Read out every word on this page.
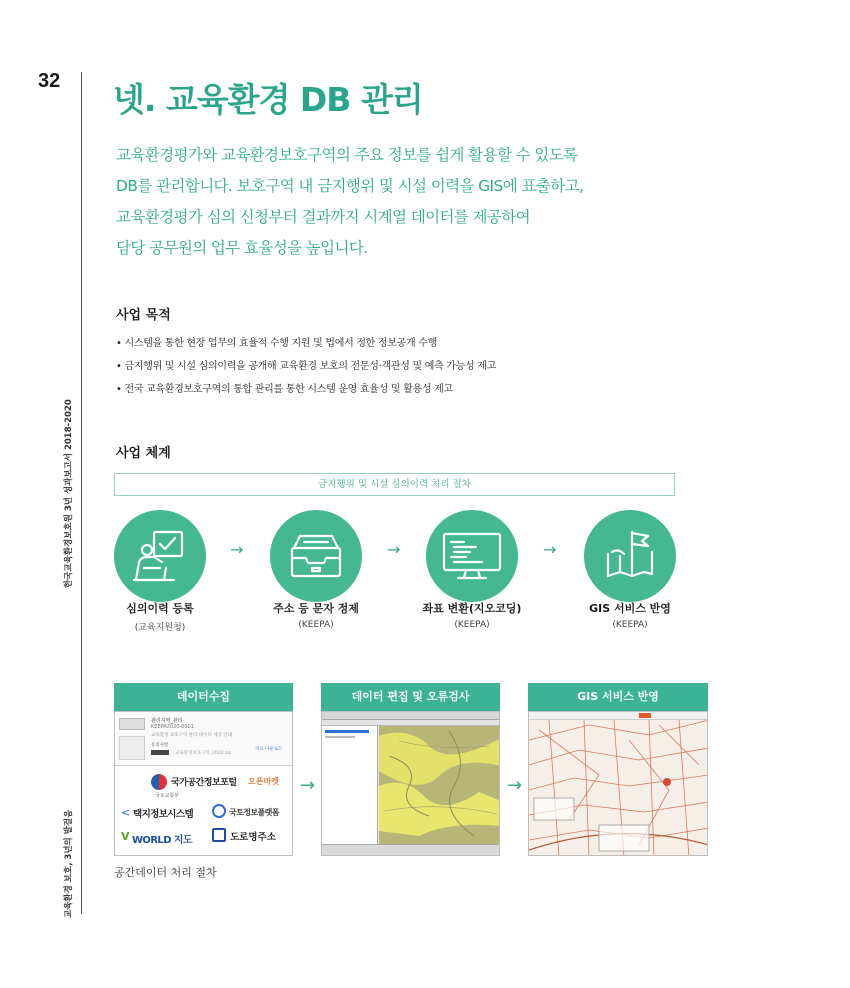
32
한국교육환경보호원 3년 성과보고서 2018-2020
교육환경 보호, 3년의 발걸음
넷. 교육환경 DB 관리
교육환경평가와 교육환경보호구역의 주요 정보를 쉽게 활용할 수 있도록
DB를 관리합니다. 보호구역 내 금지행위 및 시설 이력을 GIS에 표출하고,
교육환경평가 심의 신청부터 결과까지 시계열 데이터를 제공하여
담당 공무원의 업무 효율성을 높입니다.
사업 목적
• 시스템을 통한 현장 업무의 효율적 수행 지원 및 법에서 정한 정보공개 수행
• 금지행위 및 시설 심의이력을 공개해 교육환경 보호의 전문성·객관성 및 예측 가능성 제고
• 전국 교육환경보호구역의 통합 관리를 통한 시스템 운영 효율성 및 활용성 제고
사업 체계
금지행위 및 시설 심의이력 처리 절차
→	→	→
심의이력 등록
(교육지원청)
주소 등 문자 정제
(KEEPA)
좌표 변환(지오코딩)
(KEEPA)
GIS 서비스 반영
(KEEPA)
데이터수집	데이터 편집 및 오류검사	GIS 서비스 반영
관리지역_관리
KEEPA2020-0001
교육환경 보호구역 관리 데이터 제공 안내
유의사항
교육환경보호구역_2020.zip
자료 다운로드
국가공간정보포털 오픈마켓
국토교통부
< 택지정보시스템	국토정보플랫폼
V WORLD 지도	도로명주소
→	→
공간데이터 처리 절차
